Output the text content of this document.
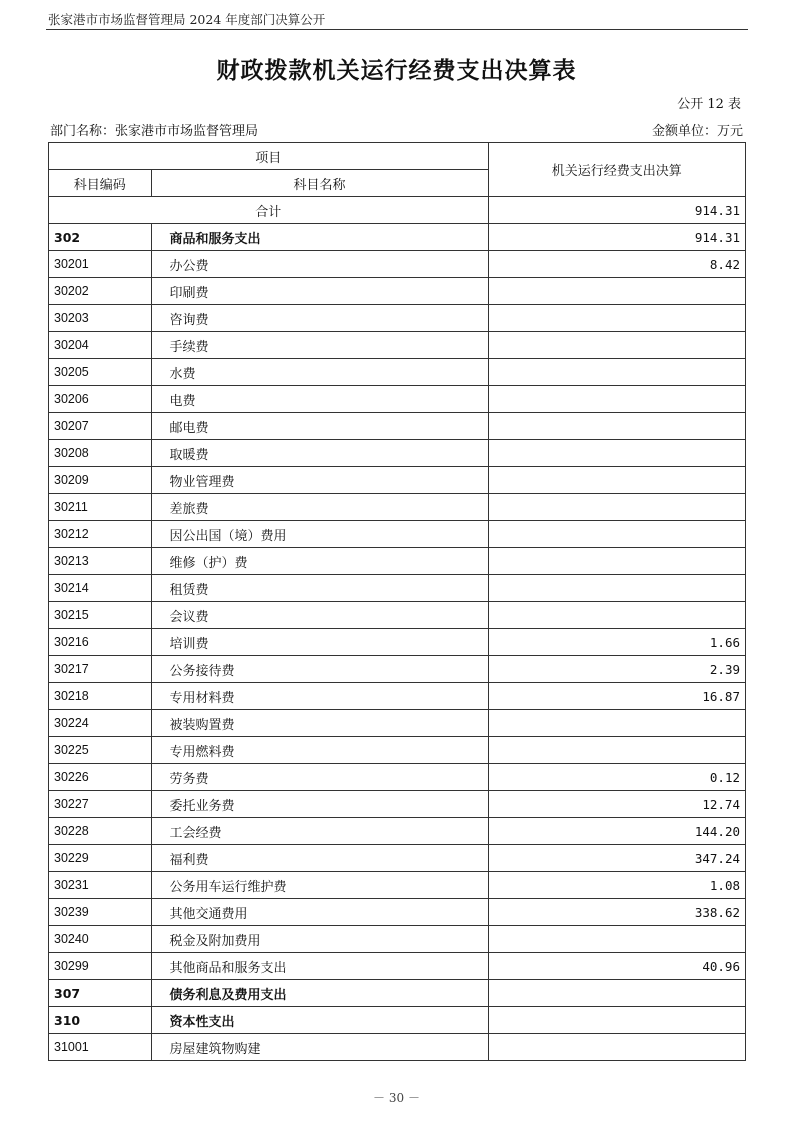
张家港市市场监督管理局 2024 年度部门决算公开
财政拨款机关运行经费支出决算表
公开 12 表
部门名称：张家港市市场监督管理局	金额单位：万元
项目		机关运行经费支出决算
科目编码	科目名称	
合计		914.31
302	商品和服务支出	914.31
30201	办公费	8.42
30202	印刷费	
30203	咨询费	
30204	手续费	
30205	水费	
30206	电费	
30207	邮电费	
30208	取暖费	
30209	物业管理费	
30211	差旅费	
30212	因公出国（境）费用	
30213	维修（护）费	
30214	租赁费	
30215	会议费	
30216	培训费	1.66
30217	公务接待费	2.39
30218	专用材料费	16.87
30224	被装购置费	
30225	专用燃料费	
30226	劳务费	0.12
30227	委托业务费	12.74
30228	工会经费	144.20
30229	福利费	347.24
30231	公务用车运行维护费	1.08
30239	其他交通费用	338.62
30240	税金及附加费用	
30299	其他商品和服务支出	40.96
307	债务利息及费用支出	
310	资本性支出	
31001	房屋建筑物购建	
－ 30 －
